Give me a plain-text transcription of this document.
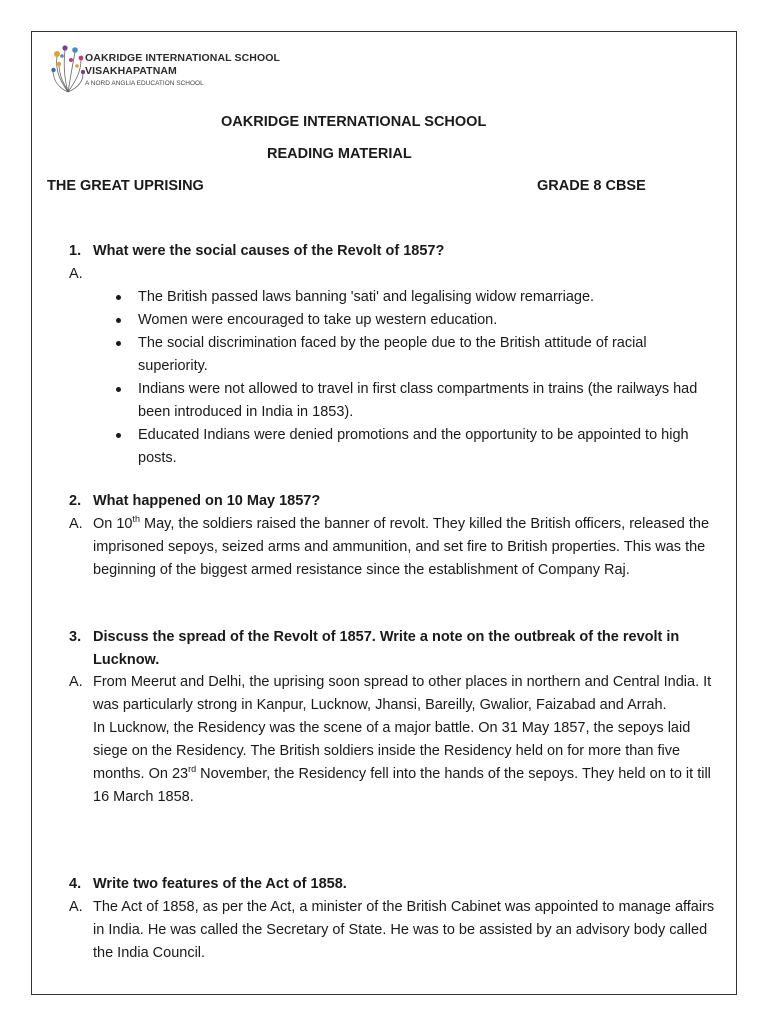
OAKRIDGE INTERNATIONAL SCHOOL
VISAKHAPATNAM
A NORD ANGLIA EDUCATION SCHOOL
OAKRIDGE INTERNATIONAL SCHOOL
READING MATERIAL
THE GREAT UPRISING	GRADE 8 CBSE
1. What were the social causes of the Revolt of 1857?
A.
The British passed laws banning 'sati' and legalising widow remarriage.
Women were encouraged to take up western education.
The social discrimination faced by the people due to the British attitude of racial superiority.
Indians were not allowed to travel in first class compartments in trains (the railways had been introduced in India in 1853).
Educated Indians were denied promotions and the opportunity to be appointed to high posts.
2. What happened on 10 May 1857?
A. On 10th May, the soldiers raised the banner of revolt. They killed the British officers, released the imprisoned sepoys, seized arms and ammunition, and set fire to British properties. This was the beginning of the biggest armed resistance since the establishment of Company Raj.
3. Discuss the spread of the Revolt of 1857. Write a note on the outbreak of the revolt in Lucknow.
A. From Meerut and Delhi, the uprising soon spread to other places in northern and Central India. It was particularly strong in Kanpur, Lucknow, Jhansi, Bareilly, Gwalior, Faizabad and Arrah.
In Lucknow, the Residency was the scene of a major battle. On 31 May 1857, the sepoys laid siege on the Residency. The British soldiers inside the Residency held on for more than five months. On 23rd November, the Residency fell into the hands of the sepoys. They held on to it till 16 March 1858.
4. Write two features of the Act of 1858.
A. The Act of 1858, as per the Act, a minister of the British Cabinet was appointed to manage affairs in India. He was called the Secretary of State. He was to be assisted by an advisory body called the India Council.
